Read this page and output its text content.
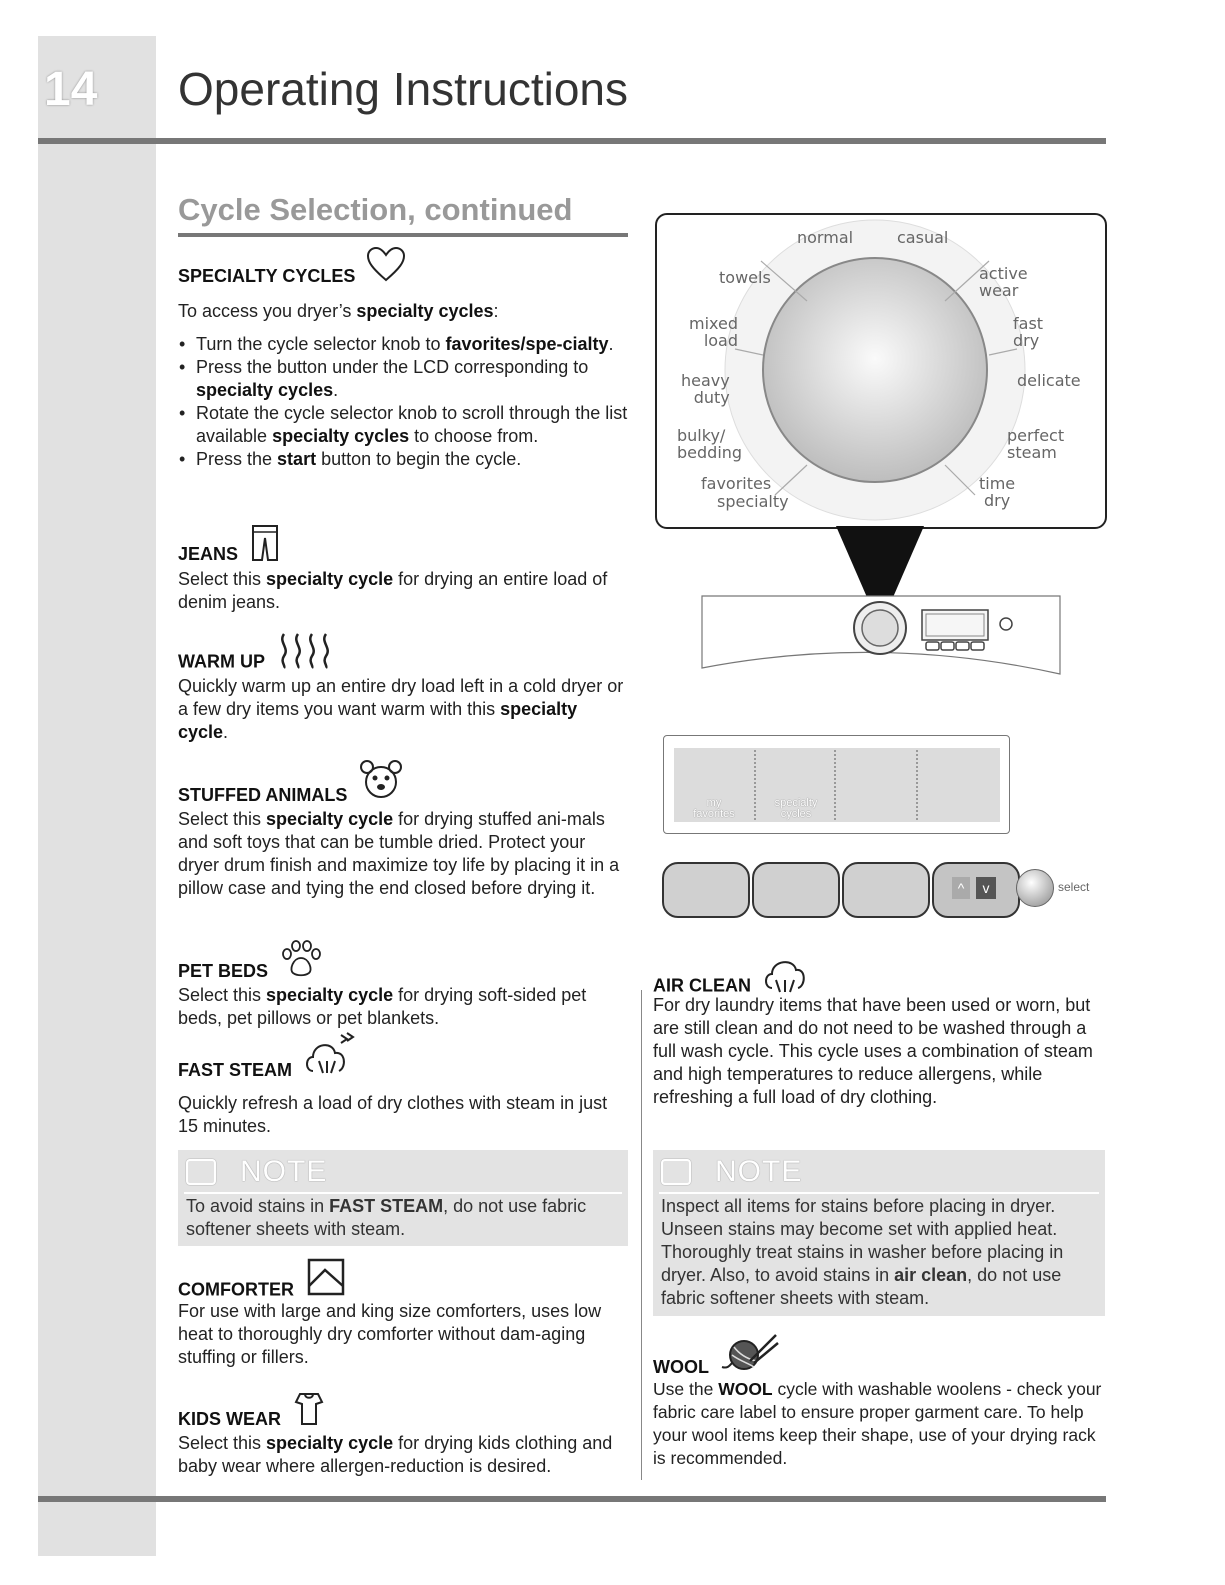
14	Operating Instructions
Cycle Selection, continued
SPECIALTY CYCLES
To access you dryer’s specialty cycles:
• Turn the cycle selector knob to favorites/spe-cialty.
• Press the button under the LCD corresponding to specialty cycles.
• Rotate the cycle selector knob to scroll through the list available specialty cycles to choose from.
• Press the start button to begin the cycle.
JEANS
Select this specialty cycle for drying an entire load of denim jeans.
WARM UP
Quickly warm up an entire dry load left in a cold dryer or a few dry items you want warm with this specialty cycle.
STUFFED ANIMALS
Select this specialty cycle for drying stuffed ani-mals and soft toys that can be tumble dried. Protect your dryer drum finish and maximize toy life by placing it in a pillow case and tying the end closed before drying it.
PET BEDS
Select this specialty cycle for drying soft-sided pet beds, pet pillows or pet blankets.
FAST STEAM
Quickly refresh a load of dry clothes with steam in just 15 minutes.
NOTE
To avoid stains in FAST STEAM, do not use fabric softener sheets with steam.
COMFORTER
For use with large and king size comforters, uses low heat to thoroughly dry comforter without dam-aging stuffing or fillers.
KIDS WEAR
Select this specialty cycle for drying kids clothing and baby wear where allergen-reduction is desired.
normal	casual
towels	active
wear
mixed
load
fast
dry
heavy
duty
delicate
bulky/
bedding
perfect
steam
favorites
specialty
time
dry
my
favorites
specialty
cycles
^	v	select
AIR CLEAN
For dry laundry items that have been used or worn, but are still clean and do not need to be washed through a full wash cycle. This cycle uses a combination of steam and high temperatures to reduce allergens, while refreshing a full load of dry clothing.
NOTE
Inspect all items for stains before placing in dryer. Unseen stains may become set with applied heat. Thoroughly treat stains in washer before placing in dryer. Also, to avoid stains in air clean, do not use fabric softener sheets with steam.
WOOL
Use the WOOL cycle with washable woolens - check your fabric care label to ensure proper garment care. To help your wool items keep their shape, use of your drying rack is recommended.
